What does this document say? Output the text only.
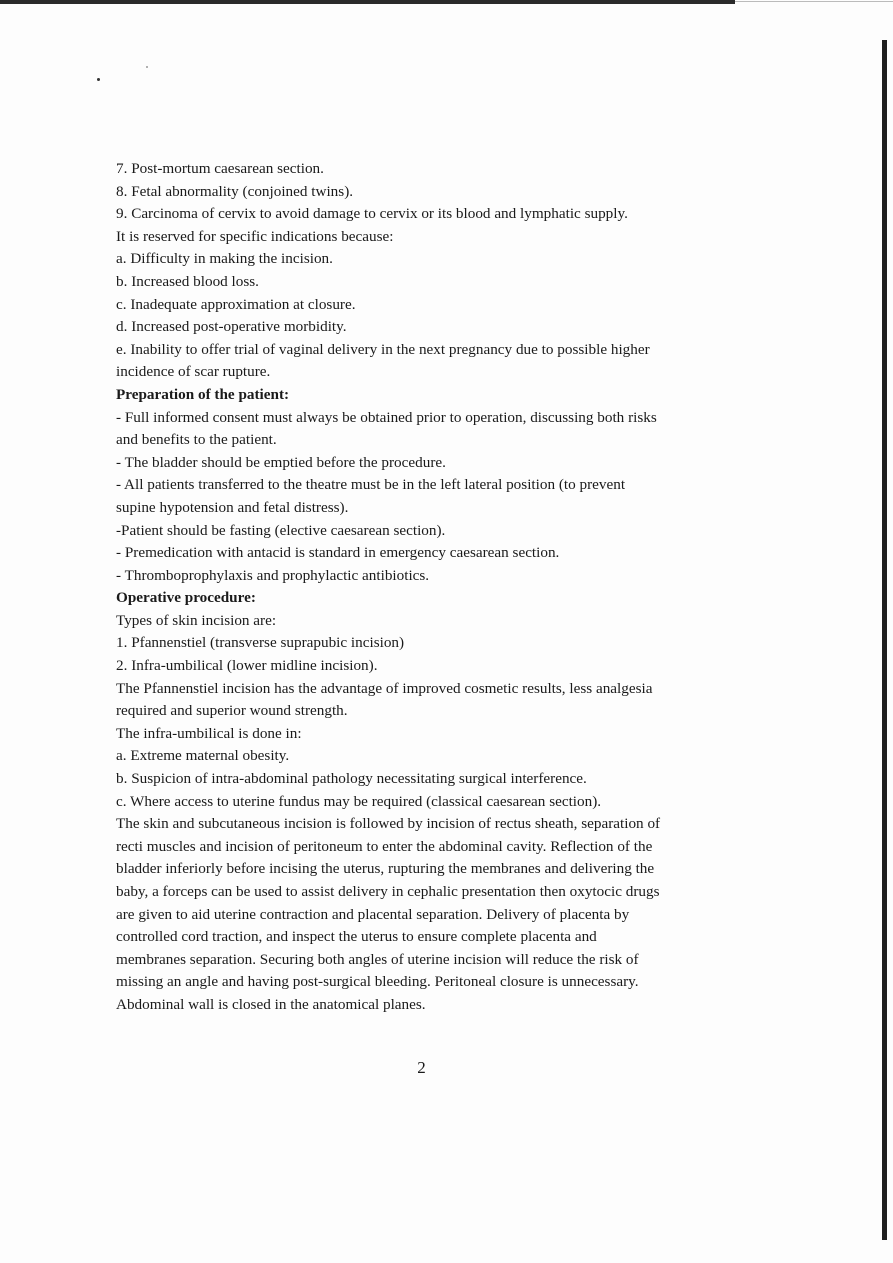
7. Post-mortum caesarean section.

8. Fetal abnormality (conjoined twins).

9. Carcinoma of cervix to avoid damage to cervix or its blood and lymphatic supply.

It is reserved for specific indications because:

a. Difficulty in making the incision.

b. Increased blood loss.

c. Inadequate approximation at closure.

d. Increased post-operative morbidity.

e. Inability to offer trial of vaginal delivery in the next pregnancy due to possible higher

incidence of scar rupture.

Preparation of the patient:

- Full informed consent must always be obtained prior to operation, discussing both risks

and benefits to the patient.

- The bladder should be emptied before the procedure.

- All patients transferred to the theatre must be in the left lateral position (to prevent

supine hypotension and fetal distress).

-Patient should be fasting (elective caesarean section).

- Premedication with antacid is standard in emergency caesarean section.

- Thromboprophylaxis and prophylactic antibiotics.

Operative procedure:

Types of skin incision are:

1. Pfannenstiel (transverse suprapubic incision)

2. Infra-umbilical (lower midline incision).

The Pfannenstiel incision has the advantage of improved cosmetic results, less analgesia

required and superior wound strength.

The infra-umbilical is done in:

a. Extreme maternal obesity.

b. Suspicion of intra-abdominal pathology necessitating surgical interference.

c. Where access to uterine fundus may be required (classical caesarean section).

The skin and subcutaneous incision is followed by incision of rectus sheath, separation of

recti muscles and incision of peritoneum to enter the abdominal cavity. Reflection of the

bladder inferiorly before incising the uterus, rupturing the membranes and delivering the

baby, a forceps can be used to assist delivery in cephalic presentation then oxytocic drugs

are given to aid uterine contraction and placental separation. Delivery of placenta by

controlled cord traction, and inspect the uterus to ensure complete placenta and

membranes separation. Securing both angles of uterine incision will reduce the risk of

missing an angle and having post-surgical bleeding. Peritoneal closure is unnecessary.

Abdominal wall is closed in the anatomical planes.

2
